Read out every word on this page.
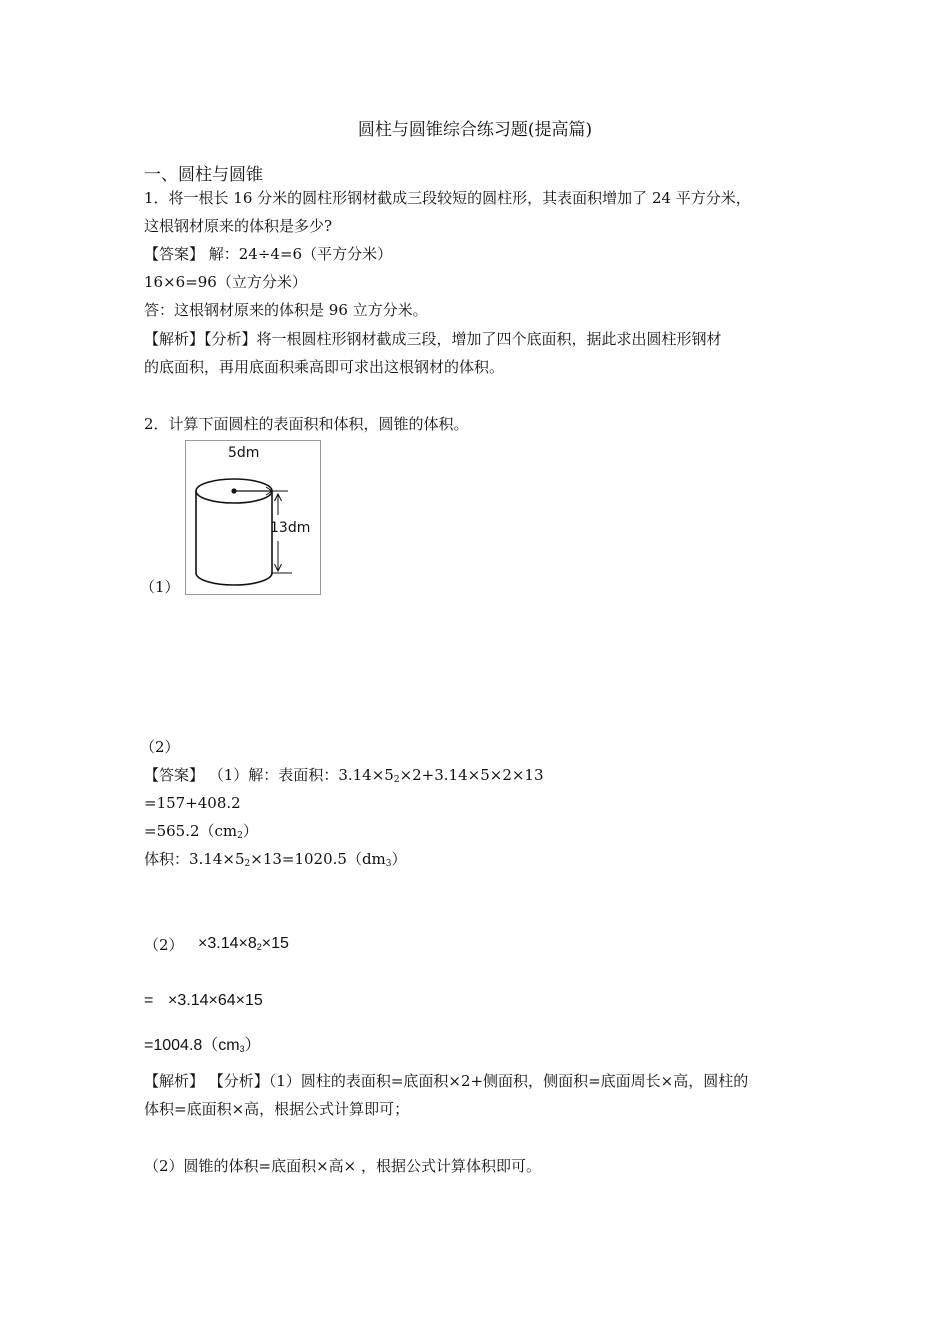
圆柱与圆锥综合练习题(提高篇)
一、圆柱与圆锥
1．将一根长 16 分米的圆柱形钢材截成三段较短的圆柱形，其表面积增加了 24 平方分米，
这根钢材原来的体积是多少?
【答案】 解：24÷4=6（平方分米）
16×6=96（立方分米）
答：这根钢材原来的体积是 96 立方分米。
【解析】【分析】将一根圆柱形钢材截成三段，增加了四个底面积，据此求出圆柱形钢材
的底面积，再用底面积乘高即可求出这根钢材的体积。
2．计算下面圆柱的表面积和体积，圆锥的体积。
（1）
5dm
13dm
（2）
【答案】 （1）解：表面积：$3.14\times 5_2\times 2+3.14\times 5\times 2\times 13$
=157+408.2
$=565.2(cm_2)$
体积：$3.14\times 5_2\times 13=1020.5(dm_3)$
$(2) \times 3.14\times 8_2\times 15$
= ×3.14×64×15
$=1004.8(cm_3)$
【解析】 【分析】（1）圆柱的表面积=底面积×2+侧面积，侧面积=底面周长×高，圆柱的
体积=底面积×高，根据公式计算即可；
（2）圆锥的体积=底面积×高× ，根据公式计算体积即可。
